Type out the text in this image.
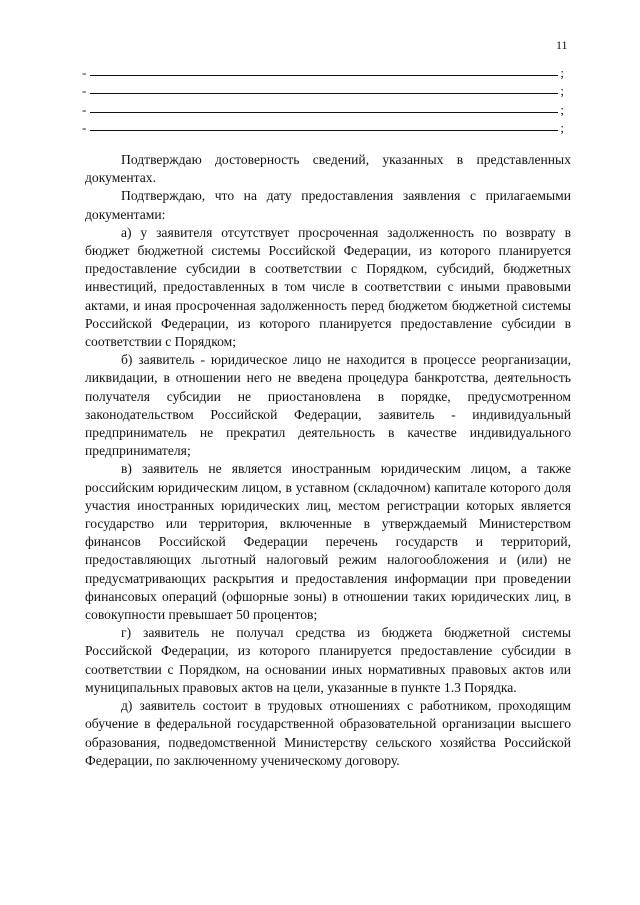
11
-	;
-	;
-	;
-	;

Подтверждаю достоверность сведений, указанных в представленных документах.

Подтверждаю, что на дату предоставления заявления с прилагаемыми документами:

а) у заявителя отсутствует просроченная задолженность по возврату в бюджет бюджетной системы Российской Федерации, из которого планируется предоставление субсидии в соответствии с Порядком, субсидий, бюджетных инвестиций, предоставленных в том числе в соответствии с иными правовыми актами, и иная просроченная задолженность перед бюджетом бюджетной системы Российской Федерации, из которого планируется предоставление субсидии в соответствии с Порядком;

б) заявитель - юридическое лицо не находится в процессе реорганизации, ликвидации, в отношении него не введена процедура банкротства, деятельность получателя субсидии не приостановлена в порядке, предусмотренном законодательством Российской Федерации, заявитель - индивидуальный предприниматель не прекратил деятельность в качестве индивидуального предпринимателя;

в) заявитель не является иностранным юридическим лицом, а также российским юридическим лицом, в уставном (складочном) капитале которого доля участия иностранных юридических лиц, местом регистрации которых является государство или территория, включенные в утверждаемый Министерством финансов Российской Федерации перечень государств и территорий, предоставляющих льготный налоговый режим налогообложения и (или) не предусматривающих раскрытия и предоставления информации при проведении финансовых операций (офшорные зоны) в отношении таких юридических лиц, в совокупности превышает 50 процентов;

г) заявитель не получал средства из бюджета бюджетной системы Российской Федерации, из которого планируется предоставление субсидии в соответствии с Порядком, на основании иных нормативных правовых актов или муниципальных правовых актов на цели, указанные в пункте 1.3 Порядка.

д) заявитель состоит в трудовых отношениях с работником, проходящим обучение в федеральной государственной образовательной организации высшего образования, подведомственной Министерству сельского хозяйства Российской Федерации, по заключенному ученическому договору.
